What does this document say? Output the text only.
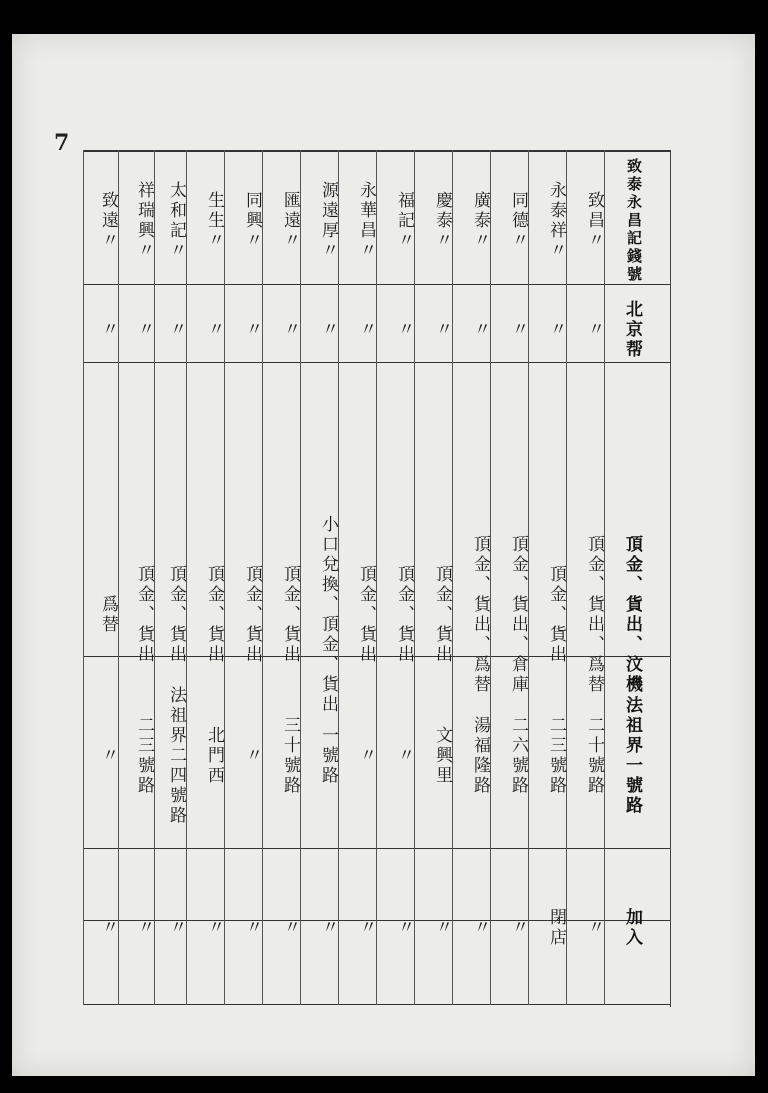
7
致泰永昌記錢號
北京帮
頂金、貨出、汶機
法祖界一號路
加入
致昌〃
〃
頂金、貨出、爲替
二十號路
〃
永泰祥〃
〃
頂金、貨出
二三號路
閉店
同德〃
〃
頂金、貨出、倉庫
二六號路
〃
廣泰〃
〃
頂金、貨出、爲替
湯福隆路
〃
慶泰〃
〃
頂金、貨出
文興里
〃
福記〃
〃
頂金、貨出
〃
〃
永華昌〃
〃
頂金、貨出
〃
〃
源遠厚〃
〃
小口兌換、頂金、貨出
一號路
〃
匯遠〃
〃
頂金、貨出
三十號路
〃
同興〃
〃
頂金、貨出
〃
〃
生生〃
〃
頂金、貨出
北門西
〃
太和記〃
〃
頂金、貨出
法祖界二四號路
〃
祥瑞興〃
〃
頂金、貨出
二三號路
〃
致遠〃
〃
爲替
〃
〃
